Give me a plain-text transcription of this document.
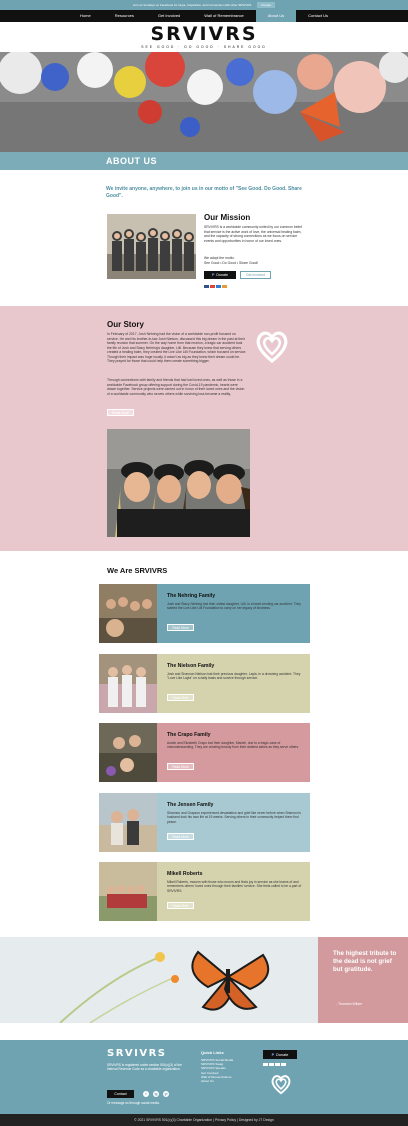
Join us Sundays on Facebook for Hope, Inspiration, and Connection with other SRVIVRS	Donate
Home	Resources	Get Involved	Wall of Remembrance	About Us	Contact Us
SRVIVRS
SEE GOOD · DO GOOD · SHARE GOOD
ABOUT US
We invite anyone, anywhere, to join us in our motto of "See Good. Do Good. Share Good".
Our Mission
SRVIVRS is a worldwide community united by our common belief that service is the active work of love, the universal healing balm, and the capacity of strong connections as we focus on service events and opportunities in honor of our loved ones.
We adopt the motto:
See Good • Do Good • Share Good!
P Donate	Get Involved
Our Story
In February of 2017, Josh Nehring had the vision of a worldwide non-profit focused on service. He and his brother-in-law Josh Nielson, discussed this big dream in the past at their family reunion that summer. On the way home from that reunion, a tragic car accident took the life of Josh and Stacy Nehring's daughter, Lilli. Because they knew that serving others created a healing balm, they created the Live Like Lilli Foundation, which focused on service. Though their impact was huge locally, it wasn't as big as they knew their dream could be. They prayed for those that could help them create something bigger.
Through connections with family and friends that had lost loved ones, as well as those in a worldwide Facebook group offering support during the Covid-19 pandemic, hearts were drawn together. Service projects were carried out in honor of their loved ones and the vision of a worldwide community who serves others while surviving loss became a reality.
Read More
We Are SRVIVRS
The Nehring Family
Josh and Stacy Nehring lost their oldest daughter, Lilli, in a heart-rending car accident. They started the Live Like Lilli Foundation to carry on her legacy of kindness.
Read More
The Nielson Family
Josh and Shannon Nielson lost their precious daughter, Layla, in a drowning accident. They "Love Like Layla" on a daily basis and survive through service.
Read More
The Crapo Family
Austin and Elizabeth Crapo lost their daughter, Mariah, due to a tragic case of misunderstanding. They are creating beauty from their darkest ashes as they serve others.
Read More
The Jensen Family
Shannon and Grayson experienced devastation and grief like never before when Shannon's husband took his own life at 19 weeks. Serving others in their community helped them find peace.
Read More
Mikell Roberts
Mikell Roberts, mourns with those who mourn and finds joy in service as she learns of and remembers others' loved ones through their families' service. She feels called to be a part of SRVIVRS.
Read More
The highest tribute to the dead is not grief but gratitude.
- Thornton Wilder
SRVIVRS
SRVIVRS is registered under section 501(c)(3) of the Internal Revenue Code as a charitable organization.
Contact	f	ig	yt
Or message us through social media.
Quick Links
SRVIVRS Social Media
SRVIVRS Swag
SRVIVRS Speaks
Get Involved
Wall of Remembrance
About Us
P Donate
© 2021 SRVIVRS 501(c)(3) Charitable Organization | Privacy Policy | Designed by JT Design
